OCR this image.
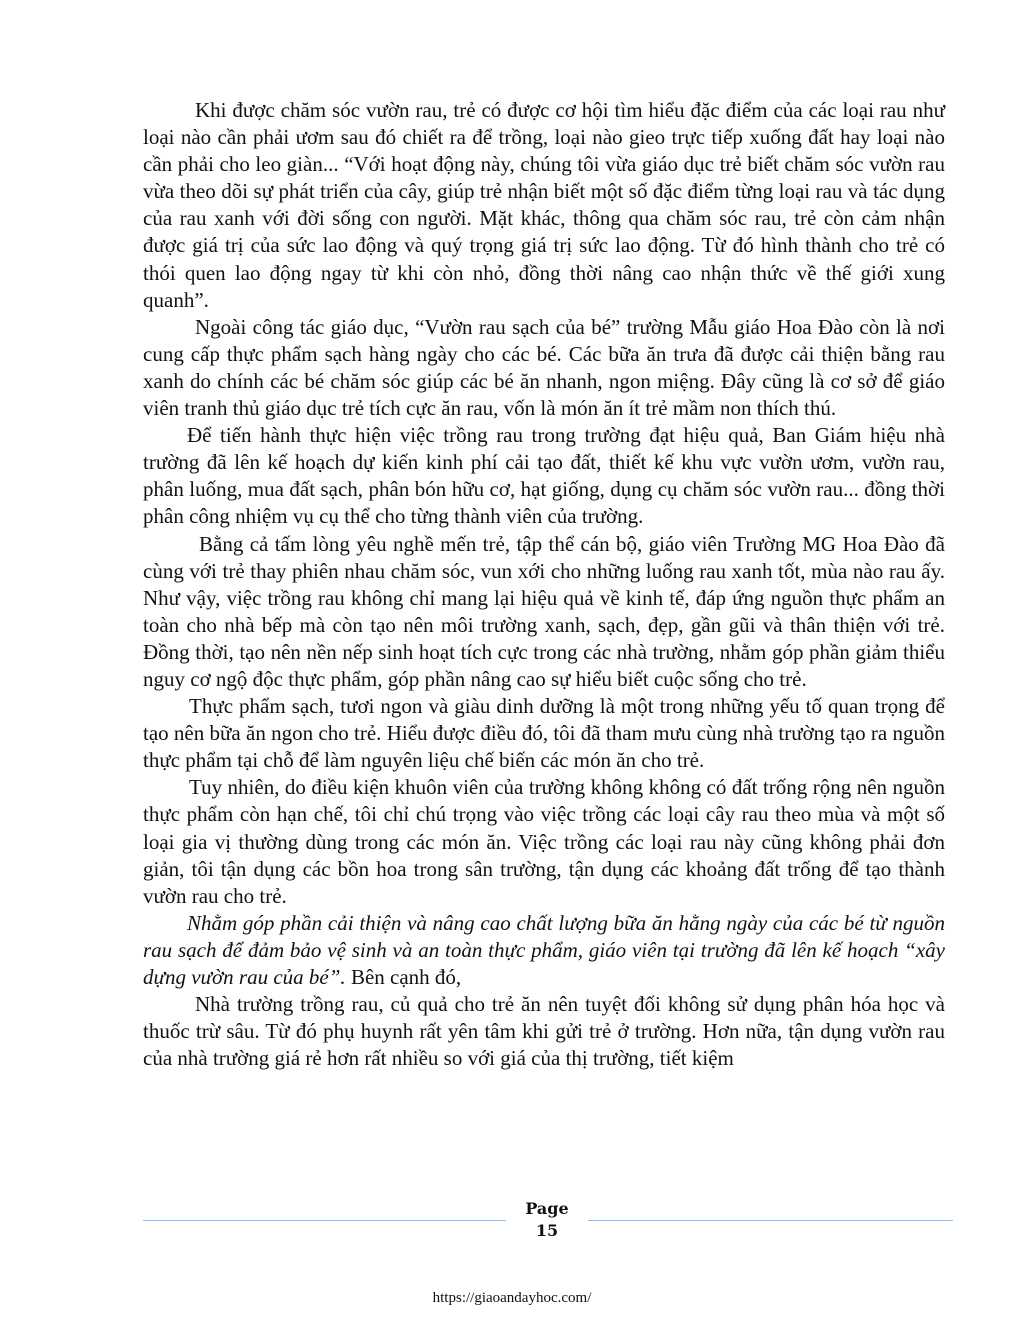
Khi được chăm sóc vườn rau, trẻ có được cơ hội tìm hiểu đặc điểm của các loại rau như loại nào cần phải ươm sau đó chiết ra để trồng, loại nào gieo trực tiếp xuống đất hay loại nào cần phải cho leo giàn... “Với hoạt động này, chúng tôi vừa giáo dục trẻ biết chăm sóc vườn rau vừa theo dõi sự phát triển của cây, giúp trẻ nhận biết một số đặc điểm từng loại rau và tác dụng của rau xanh với đời sống con người. Mặt khác, thông qua chăm sóc rau, trẻ còn cảm nhận được giá trị của sức lao động và quý trọng giá trị sức lao động. Từ đó hình thành cho trẻ có thói quen lao động ngay từ khi còn nhỏ, đồng thời nâng cao nhận thức về thế giới xung quanh”.

Ngoài công tác giáo dục, “Vườn rau sạch của bé” trường Mẫu giáo Hoa Đào còn là nơi cung cấp thực phẩm sạch hàng ngày cho các bé. Các bữa ăn trưa đã được cải thiện bằng rau xanh do chính các bé chăm sóc giúp các bé ăn nhanh, ngon miệng. Đây cũng là cơ sở để giáo viên tranh thủ giáo dục trẻ tích cực ăn rau, vốn là món ăn ít trẻ mầm non thích thú.

Để tiến hành thực hiện việc trồng rau trong trường đạt hiệu quả, Ban Giám hiệu nhà trường đã lên kế hoạch dự kiến kinh phí cải tạo đất, thiết kế khu vực vườn ươm, vườn rau, phân luống, mua đất sạch, phân bón hữu cơ, hạt giống, dụng cụ chăm sóc vườn rau... đồng thời phân công nhiệm vụ cụ thể cho từng thành viên của trường.

Bằng cả tấm lòng yêu nghề mến trẻ, tập thể cán bộ, giáo viên Trường MG Hoa Đào đã cùng với trẻ thay phiên nhau chăm sóc, vun xới cho những luống rau xanh tốt, mùa nào rau ấy. Như vậy, việc trồng rau không chỉ mang lại hiệu quả về kinh tế, đáp ứng nguồn thực phẩm an toàn cho nhà bếp mà còn tạo nên môi trường xanh, sạch, đẹp, gần gũi và thân thiện với trẻ. Đồng thời, tạo nên nền nếp sinh hoạt tích cực trong các nhà trường, nhằm góp phần giảm thiểu nguy cơ ngộ độc thực phẩm, góp phần nâng cao sự hiểu biết cuộc sống cho trẻ.

Thực phẩm sạch, tươi ngon và giàu dinh dưỡng là một trong những yếu tố quan trọng để tạo nên bữa ăn ngon cho trẻ. Hiểu được điều đó, tôi đã tham mưu cùng nhà trường tạo ra nguồn thực phẩm tại chỗ để làm nguyên liệu chế biến các món ăn cho trẻ.

Tuy nhiên, do điều kiện khuôn viên của trường không không có đất trống rộng nên nguồn thực phẩm còn hạn chế, tôi chỉ chú trọng vào việc trồng các loại cây rau theo mùa và một số loại gia vị thường dùng trong các món ăn. Việc trồng các loại rau này cũng không phải đơn giản, tôi tận dụng các bồn hoa trong sân trường, tận dụng các khoảng đất trống để tạo thành vườn rau cho trẻ.

Nhằm góp phần cải thiện và nâng cao chất lượng bữa ăn hằng ngày của các bé từ nguồn rau sạch để đảm bảo vệ sinh và an toàn thực phẩm, giáo viên tại trường đã lên kế hoạch “xây dựng vườn rau của bé”. Bên cạnh đó,

Nhà trường trồng rau, củ quả cho trẻ ăn nên tuyệt đối không sử dụng phân hóa học và thuốc trừ sâu. Từ đó phụ huynh rất yên tâm khi gửi trẻ ở trường. Hơn nữa, tận dụng vườn rau của nhà trường giá rẻ hơn rất nhiều so với giá của thị trường, tiết kiệm

Page
15
https://giaoandayhoc.com/
